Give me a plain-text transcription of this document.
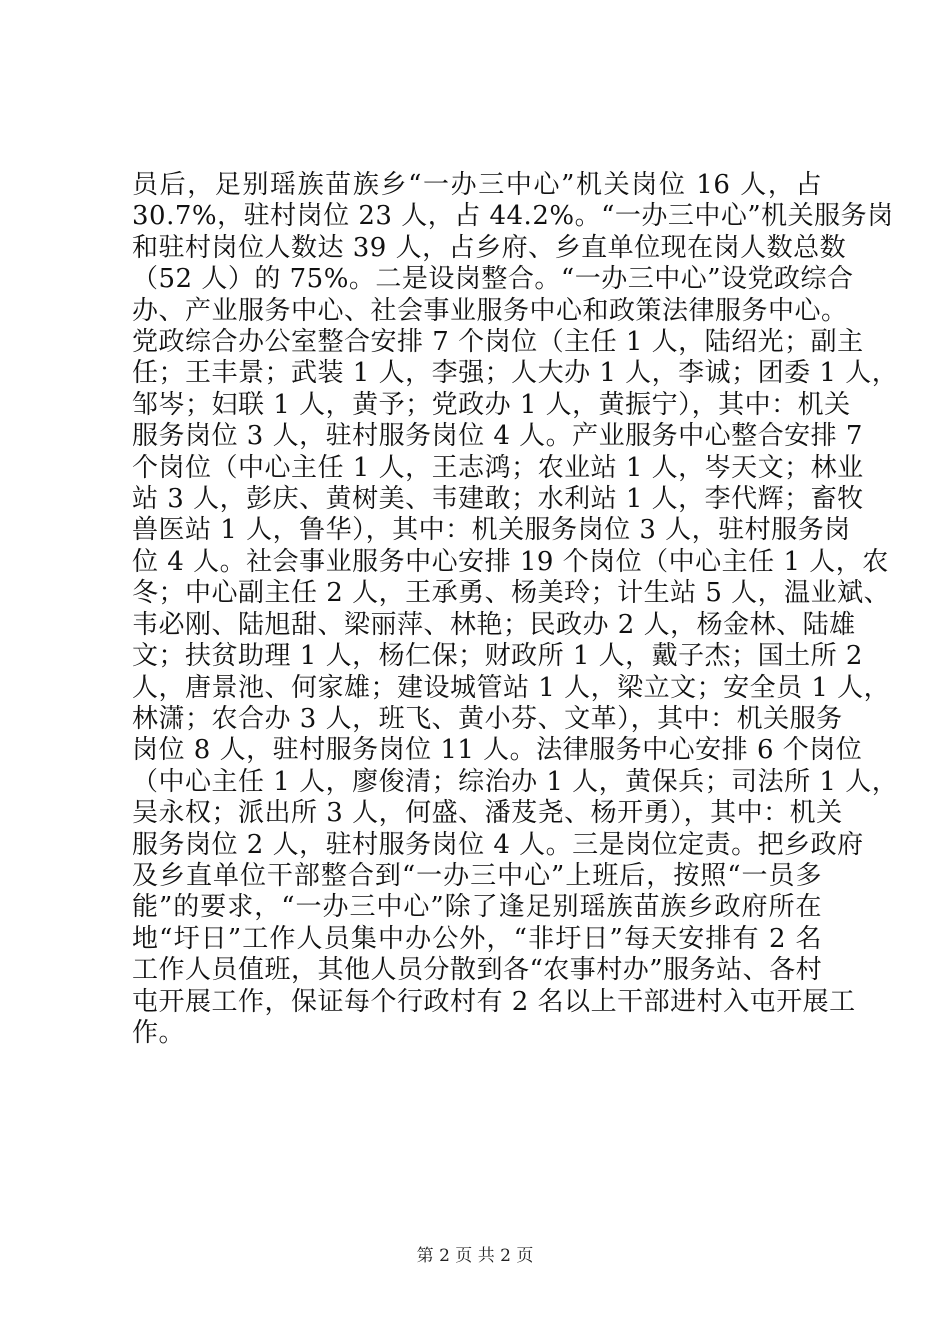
员后，足别瑶族苗族乡“一办三中心”机关岗位 16 人，占
30.7%，驻村岗位 23 人，占 44.2%。“一办三中心”机关服务岗
和驻村岗位人数达 39 人，占乡府、乡直单位现在岗人数总数
（52 人）的 75%。二是设岗整合。“一办三中心”设党政综合
办、产业服务中心、社会事业服务中心和政策法律服务中心。
党政综合办公室整合安排 7 个岗位（主任 1 人，陆绍光；副主
任；王丰景；武装 1 人，李强；人大办 1 人，李诚；团委 1 人，
邹岑；妇联 1 人，黄予；党政办 1 人，黄振宁），其中：机关
服务岗位 3 人，驻村服务岗位 4 人。产业服务中心整合安排 7
个岗位（中心主任 1 人，王志鸿；农业站 1 人，岑天文；林业
站 3 人，彭庆、黄树美、韦建敢；水利站 1 人，李代辉；畜牧
兽医站 1 人，鲁华），其中：机关服务岗位 3 人，驻村服务岗
位 4 人。社会事业服务中心安排 19 个岗位（中心主任 1 人，农
冬；中心副主任 2 人，王承勇、杨美玲；计生站 5 人，温业斌、
韦必刚、陆旭甜、梁丽萍、林艳；民政办 2 人，杨金林、陆雄
文；扶贫助理 1 人，杨仁保；财政所 1 人，戴子杰；国土所 2
人，唐景池、何家雄；建设城管站 1 人，梁立文；安全员 1 人，
林潇；农合办 3 人，班飞、黄小芬、文革），其中：机关服务
岗位 8 人，驻村服务岗位 11 人。法律服务中心安排 6 个岗位
（中心主任 1 人，廖俊清；综治办 1 人，黄保兵；司法所 1 人，
吴永权；派出所 3 人，何盛、潘芨尧、杨开勇），其中：机关
服务岗位 2 人，驻村服务岗位 4 人。三是岗位定责。把乡政府
及乡直单位干部整合到“一办三中心”上班后，按照“一员多
能”的要求，“一办三中心”除了逢足别瑶族苗族乡政府所在
地“圩日”工作人员集中办公外，“非圩日”每天安排有 2 名
工作人员值班，其他人员分散到各“农事村办”服务站、各村
屯开展工作，保证每个行政村有 2 名以上干部进村入屯开展工
作。
第 2 页 共 2 页
